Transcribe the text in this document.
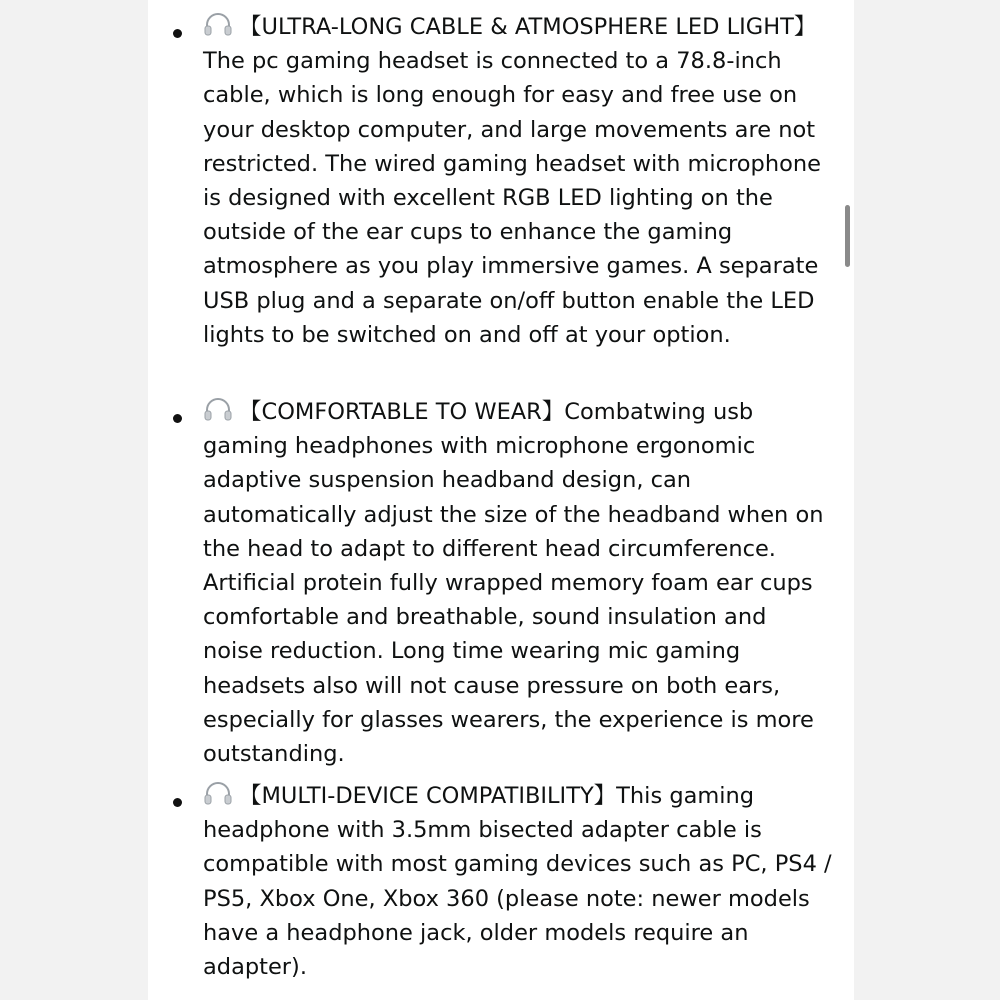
【ULTRA-LONG CABLE & ATMOSPHERE LED LIGHT】The pc gaming headset is connected to a 78.8-inch cable, which is long enough for easy and free use on your desktop computer, and large movements are not restricted. The wired gaming headset with microphone is designed with excellent RGB LED lighting on the outside of the ear cups to enhance the gaming atmosphere as you play immersive games. A separate USB plug and a separate on/off button enable the LED lights to be switched on and off at your option.

【COMFORTABLE TO WEAR】Combatwing usb gaming headphones with microphone ergonomic adaptive suspension headband design, can automatically adjust the size of the headband when on the head to adapt to different head circumference. Artificial protein fully wrapped memory foam ear cups comfortable and breathable, sound insulation and noise reduction. Long time wearing mic gaming headsets also will not cause pressure on both ears, especially for glasses wearers, the experience is more outstanding.

【MULTI-DEVICE COMPATIBILITY】This gaming headphone with 3.5mm bisected adapter cable is compatible with most gaming devices such as PC, PS4 / PS5, Xbox One, Xbox 360 (please note: newer models have a headphone jack, older models require an adapter).
